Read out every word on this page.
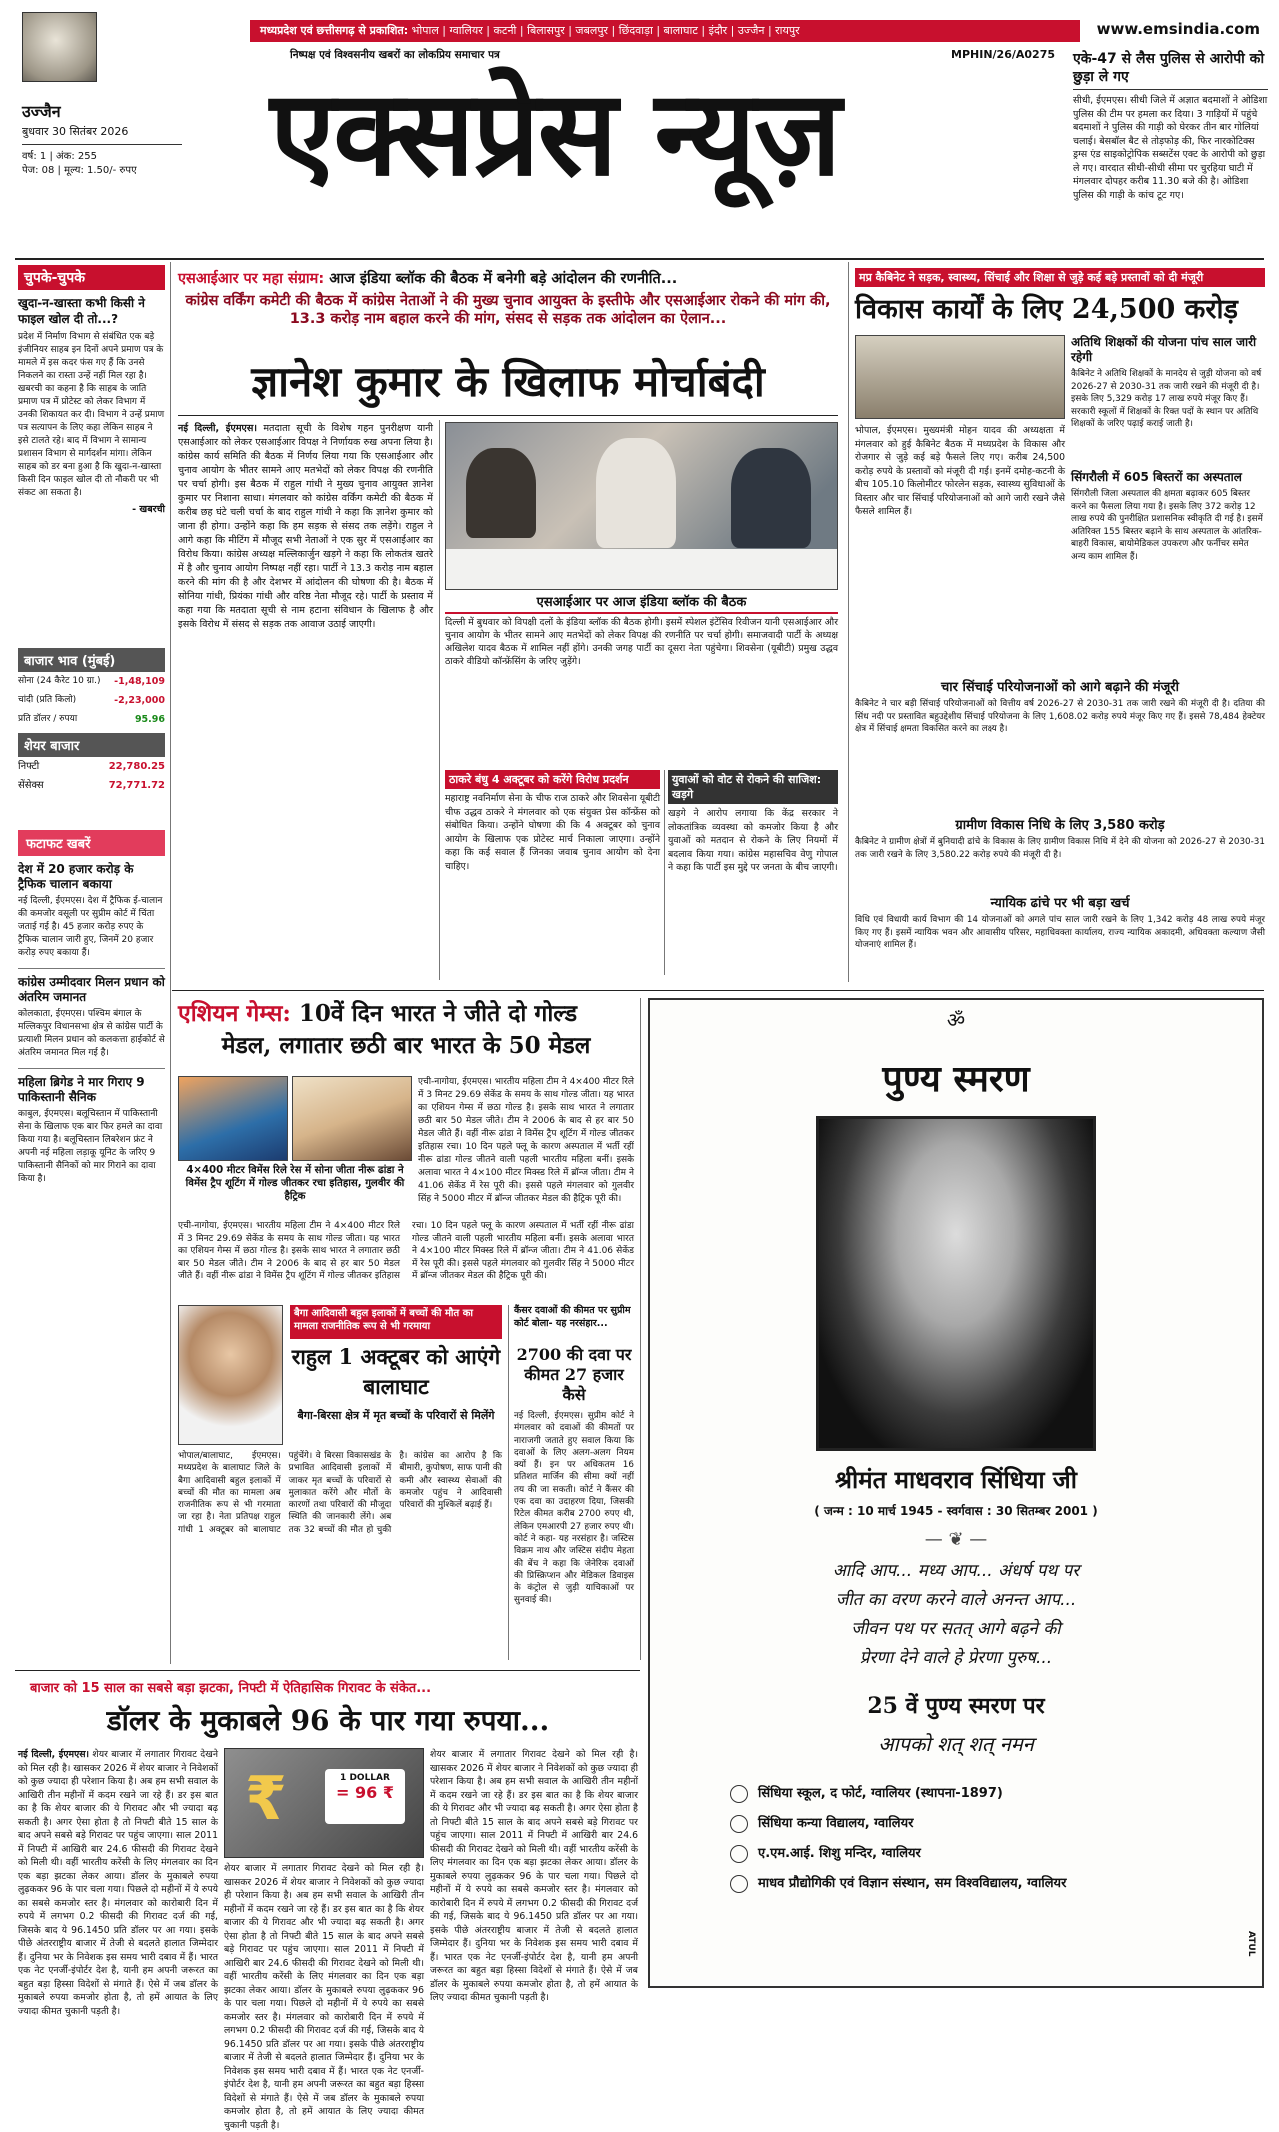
उज्जैन
बुधवार 30 सितंबर 2026
वर्ष: 1 | अंक: 255
पेज: 08 | मूल्य: 1.50/- रुपए
मध्यप्रदेश एवं छत्तीसगढ़ से प्रकाशित: भोपाल | ग्वालियर | कटनी | बिलासपुर | जबलपुर | छिंदवाड़ा | बालाघाट | इंदौर | उज्जैन | रायपुर	www.emsindia.com
निष्पक्ष एवं विश्वसनीय खबरों का लोकप्रिय समाचार पत्र	MPHIN/26/A0275
एक्सप्रेस न्यूज़
एके-47 से लैस पुलिस से आरोपी को छुड़ा ले गए
सीधी, ईएमएस। सीधी जिले में अज्ञात बदमाशों ने ओडिशा पुलिस की टीम पर हमला कर दिया। 3 गाड़ियों में पहुंचे बदमाशों ने पुलिस की गाड़ी को घेरकर तीन बार गोलियां चलाई। बेसबॉल बैट से तोड़फोड़ की, फिर नारकोटिक्स ड्रग्स एंड साइकोट्रोपिक सब्सटेंस एक्ट के आरोपी को छुड़ा ले गए। वारदात सीधी-सीधी सीमा पर चुरहिया घाटी में मंगलवार दोपहर करीब 11.30 बजे की है। ओडिशा पुलिस की गाड़ी के कांच टूट गए।
चुपके-चुपके
खुदा-न-खास्ता कभी किसी ने फाइल खोल दी तो...?
प्रदेश में निर्माण विभाग से संबंधित एक बड़े इंजीनियर साहब इन दिनों अपने प्रमाण पत्र के मामले में इस कदर फंस गए हैं कि उनसे निकलने का रास्ता उन्हें नहीं मिल रहा है। खबरची का कहना है कि साहब के जाति प्रमाण पत्र में प्रोटेस्ट को लेकर विभाग में उनकी शिकायत कर दी। विभाग ने उन्हें प्रमाण पत्र सत्यापन के लिए कहा लेकिन साहब ने इसे टालते रहे। बाद में विभाग ने सामान्य प्रशासन विभाग से मार्गदर्शन मांगा। लेकिन साहब को डर बना हुआ है कि खुदा-न-खास्ता किसी दिन फाइल खोल दी तो नौकरी पर भी संकट आ सकता है।
- खबरची
बाजार भाव (मुंबई)
सोना (24 कैरेट 10 ग्रा.) -1,48,109
चांदी (प्रति किलो)	-2,23,000
प्रति डॉलर / रुपया	95.96
शेयर बाजार
निफ्टी	22,780.25
सेंसेक्स	72,771.72
फटाफट खबरें
देश में 20 हजार करोड़ के ट्रैफिक चालान बकाया
नई दिल्ली, ईएमएस। देश में ट्रैफिक ई-चालान की कमजोर वसूली पर सुप्रीम कोर्ट में चिंता जताई गई है। 45 हजार करोड़ रुपए के ट्रैफिक चालान जारी हुए, जिनमें 20 हजार करोड़ रुपए बकाया हैं।
कांग्रेस उम्मीदवार मिलन प्रधान को अंतरिम जमानत
कोलकाता, ईएमएस। पश्चिम बंगाल के मल्लिकपुर विधानसभा क्षेत्र से कांग्रेस पार्टी के प्रत्याशी मिलन प्रधान को कलकत्ता हाईकोर्ट से अंतरिम जमानत मिल गई है।
महिला ब्रिगेड ने मार गिराए 9 पाकिस्तानी सैनिक
काबुल, ईएमएस। बलूचिस्तान में पाकिस्तानी सेना के खिलाफ एक बार फिर हमले का दावा किया गया है। बलूचिस्तान लिबरेशन फ्रंट ने अपनी नई महिला लड़ाकू यूनिट के जरिए 9 पाकिस्तानी सैनिकों को मार गिराने का दावा किया है।
एसआईआर पर महा संग्राम: आज इंडिया ब्लॉक की बैठक में बनेगी बड़े आंदोलन की रणनीति...
कांग्रेस वर्किंग कमेटी की बैठक में कांग्रेस नेताओं ने की मुख्य चुनाव आयुक्त के इस्तीफे और एसआईआर रोकने की मांग की, 13.3 करोड़ नाम बहाल करने की मांग, संसद से सड़क तक आंदोलन का ऐलान...
ज्ञानेश कुमार के खिलाफ मोर्चाबंदी
नई दिल्ली, ईएमएस। मतदाता सूची के विशेष गहन पुनरीक्षण यानी एसआईआर को लेकर एसआईआर विपक्ष ने निर्णायक रुख अपना लिया है। कांग्रेस कार्य समिति की बैठक में निर्णय लिया गया कि एसआईआर और चुनाव आयोग के भीतर सामने आए मतभेदों को लेकर विपक्ष की रणनीति पर चर्चा होगी। इस बैठक में राहुल गांधी ने मुख्य चुनाव आयुक्त ज्ञानेश कुमार पर निशाना साधा। मंगलवार को कांग्रेस वर्किंग कमेटी की बैठक में करीब छह घंटे चली चर्चा के बाद राहुल गांधी ने कहा कि ज्ञानेश कुमार को जाना ही होगा। उन्होंने कहा कि हम सड़क से संसद तक लड़ेंगे। राहुल ने आगे कहा कि मीटिंग में मौजूद सभी नेताओं ने एक सुर में एसआईआर का विरोध किया। कांग्रेस अध्यक्ष मल्लिकार्जुन खड़गे ने कहा कि लोकतंत्र खतरे में है और चुनाव आयोग निष्पक्ष नहीं रहा। पार्टी ने 13.3 करोड़ नाम बहाल करने की मांग की है और देशभर में आंदोलन की घोषणा की है। बैठक में सोनिया गांधी, प्रियंका गांधी और वरिष्ठ नेता मौजूद रहे। पार्टी के प्रस्ताव में कहा गया कि मतदाता सूची से नाम हटाना संविधान के खिलाफ है और इसके विरोध में संसद से सड़क तक आवाज उठाई जाएगी।
एसआईआर पर आज इंडिया ब्लॉक की बैठक
दिल्ली में बुधवार को विपक्षी दलों के इंडिया ब्लॉक की बैठक होगी। इसमें स्पेशल इंटेंसिव रिवीजन यानी एसआईआर और चुनाव आयोग के भीतर सामने आए मतभेदों को लेकर विपक्ष की रणनीति पर चर्चा होगी। समाजवादी पार्टी के अध्यक्ष अखिलेश यादव बैठक में शामिल नहीं होंगे। उनकी जगह पार्टी का दूसरा नेता पहुंचेगा। शिवसेना (यूबीटी) प्रमुख उद्धव ठाकरे वीडियो कॉन्फ्रेंसिंग के जरिए जुड़ेंगे।
ठाकरे बंधु 4 अक्टूबर को करेंगे विरोध प्रदर्शन
महाराष्ट्र नवनिर्माण सेना के चीफ राज ठाकरे और शिवसेना यूबीटी चीफ उद्धव ठाकरे ने मंगलवार को एक संयुक्त प्रेस कॉन्फ्रेंस को संबोधित किया। उन्होंने घोषणा की कि 4 अक्टूबर को चुनाव आयोग के खिलाफ एक प्रोटेस्ट मार्च निकाला जाएगा। उन्होंने कहा कि कई सवाल हैं जिनका जवाब चुनाव आयोग को देना चाहिए।
युवाओं को वोट से रोकने की साजिश: खड़गे
खड़गे ने आरोप लगाया कि केंद्र सरकार ने लोकतांत्रिक व्यवस्था को कमजोर किया है और युवाओं को मतदान से रोकने के लिए नियमों में बदलाव किया गया। कांग्रेस महासचिव वेणु गोपाल ने कहा कि पार्टी इस मुद्दे पर जनता के बीच जाएगी।
मप्र कैबिनेट ने सड़क, स्वास्थ्य, सिंचाई और शिक्षा से जुड़े कई बड़े प्रस्तावों को दी मंजूरी
विकास कार्यों के लिए 24,500 करोड़
अतिथि शिक्षकों की योजना पांच साल जारी रहेगी
कैबिनेट ने अतिथि शिक्षकों के मानदेय से जुड़ी योजना को वर्ष 2026-27 से 2030-31 तक जारी रखने की मंजूरी दी है। इसके लिए 5,329 करोड़ 17 लाख रुपये मंजूर किए हैं। सरकारी स्कूलों में शिक्षकों के रिक्त पदों के स्थान पर अतिथि शिक्षकों के जरिए पढ़ाई कराई जाती है।
भोपाल, ईएमएस। मुख्यमंत्री मोहन यादव की अध्यक्षता में मंगलवार को हुई कैबिनेट बैठक में मध्यप्रदेश के विकास और रोजगार से जुड़े कई बड़े फैसले लिए गए। करीब 24,500 करोड़ रुपये के प्रस्तावों को मंजूरी दी गई। इनमें दमोह-कटनी के बीच 105.10 किलोमीटर फोरलेन सड़क, स्वास्थ्य सुविधाओं के विस्तार और चार सिंचाई परियोजनाओं को आगे जारी रखने जैसे फैसले शामिल हैं।
सिंगरौली में 605 बिस्तरों का अस्पताल
सिंगरौली जिला अस्पताल की क्षमता बढ़ाकर 605 बिस्तर करने का फैसला लिया गया है। इसके लिए 372 करोड़ 12 लाख रुपये की पुनरीक्षित प्रशासनिक स्वीकृति दी गई है। इसमें अतिरिक्त 155 बिस्तर बढ़ाने के साथ अस्पताल के आंतरिक-बाहरी विकास, बायोमेडिकल उपकरण और फर्नीचर समेत अन्य काम शामिल हैं।
चार सिंचाई परियोजनाओं को आगे बढ़ाने की मंजूरी
कैबिनेट ने चार बड़ी सिंचाई परियोजनाओं को वित्तीय वर्ष 2026-27 से 2030-31 तक जारी रखने की मंजूरी दी है। दतिया की सिंध नदी पर प्रस्तावित बहुउद्देशीय सिंचाई परियोजना के लिए 1,608.02 करोड़ रुपये मंजूर किए गए हैं। इससे 78,484 हेक्टेयर क्षेत्र में सिंचाई क्षमता विकसित करने का लक्ष्य है।
ग्रामीण विकास निधि के लिए 3,580 करोड़
कैबिनेट ने ग्रामीण क्षेत्रों में बुनियादी ढांचे के विकास के लिए ग्रामीण विकास निधि में देने की योजना को 2026-27 से 2030-31 तक जारी रखने के लिए 3,580.22 करोड़ रुपये की मंजूरी दी है।
न्यायिक ढांचे पर भी बड़ा खर्च
विधि एवं विधायी कार्य विभाग की 14 योजनाओं को अगले पांच साल जारी रखने के लिए 1,342 करोड़ 48 लाख रुपये मंजूर किए गए हैं। इसमें न्यायिक भवन और आवासीय परिसर, महाधिवक्ता कार्यालय, राज्य न्यायिक अकादमी, अधिवक्ता कल्याण जैसी योजनाएं शामिल हैं।
एशियन गेम्स: 10वें दिन भारत ने जीते दो गोल्ड
मेडल, लगातार छठी बार भारत के 50 मेडल
4×400 मीटर विमेंस रिले रेस में सोना जीता नीरू ढांडा ने विमेंस ट्रैप शूटिंग में गोल्ड जीतकर रचा इतिहास, गुलवीर की हैट्रिक
एची-नागोया, ईएमएस। भारतीय महिला टीम ने 4×400 मीटर रिले में 3 मिनट 29.69 सेकेंड के समय के साथ गोल्ड जीता। यह भारत का एशियन गेम्स में छठा गोल्ड है। इसके साथ भारत ने लगातार छठी बार 50 मेडल जीते। टीम ने 2006 के बाद से हर बार 50 मेडल जीते हैं। वहीं नीरू ढांडा ने विमेंस ट्रैप शूटिंग में गोल्ड जीतकर इतिहास रचा। 10 दिन पहले फ्लू के कारण अस्पताल में भर्ती रहीं नीरू ढांडा गोल्ड जीतने वाली पहली भारतीय महिला बनीं। इसके अलावा भारत ने 4×100 मीटर मिक्स्ड रिले में ब्रॉन्ज जीता। टीम ने 41.06 सेकेंड में रेस पूरी की। इससे पहले मंगलवार को गुलवीर सिंह ने 5000 मीटर में ब्रॉन्ज जीतकर मेडल की हैट्रिक पूरी की।
एची-नागोया, ईएमएस। भारतीय महिला टीम ने 4×400 मीटर रिले में 3 मिनट 29.69 सेकेंड के समय के साथ गोल्ड जीता। यह भारत का एशियन गेम्स में छठा गोल्ड है। इसके साथ भारत ने लगातार छठी बार 50 मेडल जीते। टीम ने 2006 के बाद से हर बार 50 मेडल जीते हैं। वहीं नीरू ढांडा ने विमेंस ट्रैप शूटिंग में गोल्ड जीतकर इतिहास रचा। 10 दिन पहले फ्लू के कारण अस्पताल में भर्ती रहीं नीरू ढांडा गोल्ड जीतने वाली पहली भारतीय महिला बनीं। इसके अलावा भारत ने 4×100 मीटर मिक्स्ड रिले में ब्रॉन्ज जीता। टीम ने 41.06 सेकेंड में रेस पूरी की। इससे पहले मंगलवार को गुलवीर सिंह ने 5000 मीटर में ब्रॉन्ज जीतकर मेडल की हैट्रिक पूरी की।
बैगा आदिवासी बहुल इलाकों में बच्चों की मौत का मामला राजनीतिक रूप से भी गरमाया
राहुल 1 अक्टूबर को आएंगे बालाघाट
बैगा-बिरसा क्षेत्र में मृत बच्चों के परिवारों से मिलेंगे
भोपाल/बालाघाट, ईएमएस। मध्यप्रदेश के बालाघाट जिले के बैगा आदिवासी बहुल इलाकों में बच्चों की मौत का मामला अब राजनीतिक रूप से भी गरमाता जा रहा है। नेता प्रतिपक्ष राहुल गांधी 1 अक्टूबर को बालाघाट पहुंचेंगे। वे बिरसा विकासखंड के प्रभावित आदिवासी इलाकों में जाकर मृत बच्चों के परिवारों से मुलाकात करेंगे और मौतों के कारणों तथा परिवारों की मौजूदा स्थिति की जानकारी लेंगे। अब तक 32 बच्चों की मौत हो चुकी है। कांग्रेस का आरोप है कि बीमारी, कुपोषण, साफ पानी की कमी और स्वास्थ्य सेवाओं की कमजोर पहुंच ने आदिवासी परिवारों की मुश्किलें बढ़ाई हैं।
कैंसर दवाओं की कीमत पर सुप्रीम कोर्ट बोला- यह नरसंहार...
2700 की दवा पर कीमत 27 हजार कैसे
नई दिल्ली, ईएमएस। सुप्रीम कोर्ट ने मंगलवार को दवाओं की कीमतों पर नाराजगी जताते हुए सवाल किया कि दवाओं के लिए अलग-अलग नियम क्यों हैं। इन पर अधिकतम 16 प्रतिशत मार्जिन की सीमा क्यों नहीं तय की जा सकती। कोर्ट ने कैंसर की एक दवा का उदाहरण दिया, जिसकी रिटेल कीमत करीब 2700 रुपए थी, लेकिन एमआरपी 27 हजार रुपए थी। कोर्ट ने कहा- यह नरसंहार है। जस्टिस विक्रम नाथ और जस्टिस संदीप मेहता की बेंच ने कहा कि जेनेरिक दवाओं की प्रिस्क्रिप्शन और मेडिकल डिवाइस के कंट्रोल से जुड़ी याचिकाओं पर सुनवाई की।
ॐ
पुण्य स्मरण
श्रीमंत माधवराव सिंधिया जी
( जन्म : 10 मार्च 1945 - स्वर्गवास : 30 सितम्बर 2001 )
— ❦ —
आदि आप... मध्य आप... अंधर्ष पथ पर
जीत का वरण करने वाले अनन्त आप...
जीवन पथ पर सतत् आगे बढ़ने की
प्रेरणा देने वाले हे प्रेरणा पुरुष...
25 वें पुण्य स्मरण पर
आपको शत् शत् नमन
सिंधिया स्कूल, द फोर्ट, ग्वालियर (स्थापना-1897)
सिंधिया कन्या विद्यालय, ग्वालियर
ए.एम.आई. शिशु मन्दिर, ग्वालियर
माधव प्रौद्योगिकी एवं विज्ञान संस्थान, सम विश्वविद्यालय, ग्वालियर
ATUL
बाजार को 15 साल का सबसे बड़ा झटका, निफ्टी में ऐतिहासिक गिरावट के संकेत...
डॉलर के मुकाबले 96 के पार गया रुपया...
नई दिल्ली, ईएमएस। शेयर बाजार में लगातार गिरावट देखने को मिल रही है। खासकर 2026 में शेयर बाजार ने निवेशकों को कुछ ज्यादा ही परेशान किया है। अब हम सभी सवाल के आखिरी तीन महीनों में कदम रखने जा रहे हैं। डर इस बात का है कि शेयर बाजार की ये गिरावट और भी ज्यादा बढ़ सकती है। अगर ऐसा होता है तो निफ्टी बीते 15 साल के बाद अपने सबसे बड़े गिरावट पर पहुंच जाएगा। साल 2011 में निफ्टी में आखिरी बार 24.6 फीसदी की गिरावट देखने को मिली थी। वहीं भारतीय करेंसी के लिए मंगलवार का दिन एक बड़ा झटका लेकर आया। डॉलर के मुकाबले रुपया लुढ़ककर 96 के पार चला गया। पिछले दो महीनों में ये रुपये का सबसे कमजोर स्तर है। मंगलवार को कारोबारी दिन में रुपये में लगभग 0.2 फीसदी की गिरावट दर्ज की गई, जिसके बाद ये 96.1450 प्रति डॉलर पर आ गया। इसके पीछे अंतरराष्ट्रीय बाजार में तेजी से बदलते हालात जिम्मेदार हैं। दुनिया भर के निवेशक इस समय भारी दबाव में हैं। भारत एक नेट एनर्जी-इंपोर्टर देश है, यानी हम अपनी जरूरत का बहुत बड़ा हिस्सा विदेशों से मंगाते हैं। ऐसे में जब डॉलर के मुकाबले रुपया कमजोर होता है, तो हमें आयात के लिए ज्यादा कीमत चुकानी पड़ती है।
₹	1 DOLLAR
= 96 ₹
शेयर बाजार में लगातार गिरावट देखने को मिल रही है। खासकर 2026 में शेयर बाजार ने निवेशकों को कुछ ज्यादा ही परेशान किया है। अब हम सभी सवाल के आखिरी तीन महीनों में कदम रखने जा रहे हैं। डर इस बात का है कि शेयर बाजार की ये गिरावट और भी ज्यादा बढ़ सकती है। अगर ऐसा होता है तो निफ्टी बीते 15 साल के बाद अपने सबसे बड़े गिरावट पर पहुंच जाएगा। साल 2011 में निफ्टी में आखिरी बार 24.6 फीसदी की गिरावट देखने को मिली थी। वहीं भारतीय करेंसी के लिए मंगलवार का दिन एक बड़ा झटका लेकर आया। डॉलर के मुकाबले रुपया लुढ़ककर 96 के पार चला गया। पिछले दो महीनों में ये रुपये का सबसे कमजोर स्तर है। मंगलवार को कारोबारी दिन में रुपये में लगभग 0.2 फीसदी की गिरावट दर्ज की गई, जिसके बाद ये 96.1450 प्रति डॉलर पर आ गया। इसके पीछे अंतरराष्ट्रीय बाजार में तेजी से बदलते हालात जिम्मेदार हैं। दुनिया भर के निवेशक इस समय भारी दबाव में हैं। भारत एक नेट एनर्जी-इंपोर्टर देश है, यानी हम अपनी जरूरत का बहुत बड़ा हिस्सा विदेशों से मंगाते हैं। ऐसे में जब डॉलर के मुकाबले रुपया कमजोर होता है, तो हमें आयात के लिए ज्यादा कीमत चुकानी पड़ती है।
शेयर बाजार में लगातार गिरावट देखने को मिल रही है। खासकर 2026 में शेयर बाजार ने निवेशकों को कुछ ज्यादा ही परेशान किया है। अब हम सभी सवाल के आखिरी तीन महीनों में कदम रखने जा रहे हैं। डर इस बात का है कि शेयर बाजार की ये गिरावट और भी ज्यादा बढ़ सकती है। अगर ऐसा होता है तो निफ्टी बीते 15 साल के बाद अपने सबसे बड़े गिरावट पर पहुंच जाएगा। साल 2011 में निफ्टी में आखिरी बार 24.6 फीसदी की गिरावट देखने को मिली थी। वहीं भारतीय करेंसी के लिए मंगलवार का दिन एक बड़ा झटका लेकर आया। डॉलर के मुकाबले रुपया लुढ़ककर 96 के पार चला गया। पिछले दो महीनों में ये रुपये का सबसे कमजोर स्तर है। मंगलवार को कारोबारी दिन में रुपये में लगभग 0.2 फीसदी की गिरावट दर्ज की गई, जिसके बाद ये 96.1450 प्रति डॉलर पर आ गया। इसके पीछे अंतरराष्ट्रीय बाजार में तेजी से बदलते हालात जिम्मेदार हैं। दुनिया भर के निवेशक इस समय भारी दबाव में हैं। भारत एक नेट एनर्जी-इंपोर्टर देश है, यानी हम अपनी जरूरत का बहुत बड़ा हिस्सा विदेशों से मंगाते हैं। ऐसे में जब डॉलर के मुकाबले रुपया कमजोर होता है, तो हमें आयात के लिए ज्यादा कीमत चुकानी पड़ती है।
